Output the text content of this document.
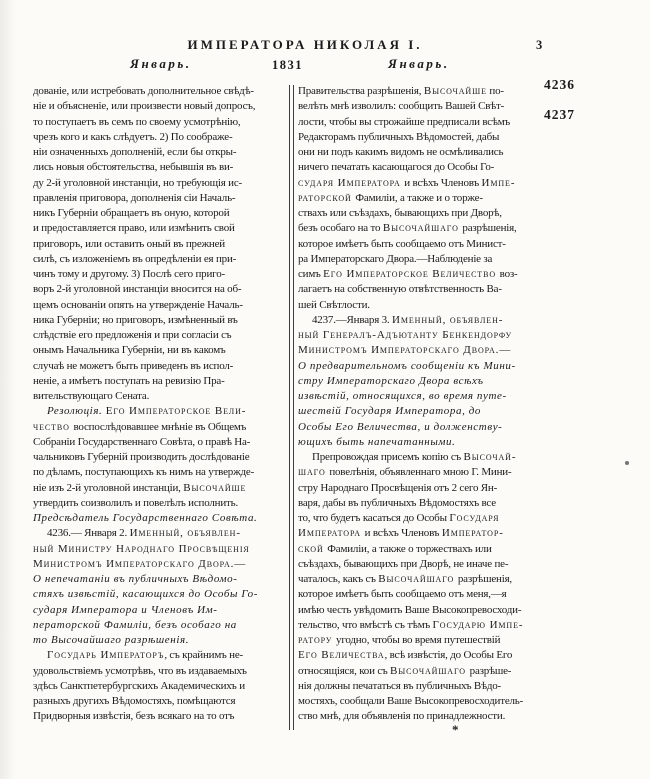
ИМПЕРАТОРА НИКОЛАЯ I.	3
Январь.	1831	Январь.
4236
4237
дованіе, или истребовать дополнительное свѣдѣ-
ніе и объясненіе, или произвести новый допросъ,
то поступаетъ въ семъ по своему усмотрѣнію,
чрезъ кого и какъ слѣдуетъ. 2) По соображе-
ніи означенныхъ дополненій, если бы откры-
лись новыя обстоятельства, небывшія въ ви-
ду 2-й уголовной инстанціи, но требующія ис-
правленія приговора, дополненія сіи Началь-
никъ Губерніи обращаетъ въ оную, которой
и предоставляется право, или измѣнить свой
приговоръ, или оставить оный въ прежней
силѣ, съ изложеніемъ въ опредѣленіи ея при-
чинъ тому и другому. 3) Послѣ сего приго-
воръ 2-й уголовной инстанціи вносится на об-
щемъ основаніи опять на утвержденіе Началь-
ника Губерніи; но приговоръ, измѣненный въ
слѣдствіе его предложенія и при согласіи съ
онымъ Начальника Губерніи, ни въ какомъ
случаѣ не можетъ быть приведенъ въ испол-
неніе, а имѣетъ поступать на ревизію Пра-
вительствующаго Сената.
Резолюція. Его Императорское Вели-
чество воспослѣдовавшее мнѣніе въ Общемъ
Собраніи Государственнаго Совѣта, о правѣ На-
чальниковъ Губерній производить дослѣдованіе
по дѣламъ, поступающихъ къ нимъ на утвержде-
ніе изъ 2-й уголовной инстанціи, Высочайше
утвердить соизволилъ и повелѣлъ исполнить.
Предсѣдатель Государственнаго Совѣта.
4236.— Января 2. Именный, объявлен-
ный Министру Народнаго Просвѣщенія
Министромъ Императорскаго Двора.—
О непечатаніи въ публичныхъ Вѣдомо-
стяхъ извѣстій, касающихся до Особы Го-
сударя Императора и Членовъ Им-
ператорской Фамиліи, безъ особаго на
то Высочайшаго разрѣшенія.
Государь Императоръ, съ крайнимъ не-
удовольствіемъ усмотрѣвъ, что въ издаваемыхъ
здѣсь Санктпетербургскихъ Академическихъ и
разныхъ другихъ Вѣдомостяхъ, помѣщаются
Придворныя извѣстія, безъ всякаго на то отъ
Правительства разрѣшенія, Высочайше по-
велѣть мнѣ изволилъ: сообщить Вашей Свѣт-
лости, чтобы вы строжайше предписали всѣмъ
Редакторамъ публичныхъ Вѣдомостей, дабы
они ни подъ какимъ видомъ не осмѣливались
ничего печатать касающагося до Особы Го-
сударя Императора и всѣхъ Членовъ Импе-
раторской Фамиліи, а также и о торже-
ствахъ или съѣздахъ, бывающихъ при Дворѣ,
безъ особаго на то Высочайшаго разрѣшенія,
которое имѣетъ быть сообщаемо отъ Минист-
ра Императорскаго Двора.—Наблюденіе за
симъ Его Императорское Величество воз-
лагаетъ на собственную отвѣтственность Ва-
шей Свѣтлости.
4237.—Января 3. Именный, объявлен-
ный Генералъ-Адъютанту Бенкендорфу
Министромъ Императорскаго Двора.—
О предварительномъ сообщеніи къ Мини-
стру Императорскаго Двора всѣхъ
извѣстій, относящихся, во время путе-
шествій Государя Императора, до
Особы Его Величества, и долженству-
ющихъ быть напечатанными.
Препровождая присемъ копію съ Высочай-
шаго повелѣнія, объявленнаго мною Г. Мини-
стру Народнаго Просвѣщенія отъ 2 сего Ян-
варя, дабы въ публичныхъ Вѣдомостяхъ все
то, что будетъ касаться до Особы Государя
Императора и всѣхъ Членовъ Император-
ской Фамиліи, а также о торжествахъ или
съѣздахъ, бывающихъ при Дворѣ, не иначе пе-
чаталось, какъ съ Высочайшаго разрѣшенія,
которое имѣетъ быть сообщаемо отъ меня,—я
имѣю честь увѣдомить Ваше Высокопревосходи-
тельство, что вмѣстѣ съ тѣмъ Государю Импе-
ратору угодно, чтобы во время путешествій
Его Величества, всѣ извѣстія, до Особы Его
относящіяся, кои съ Высочайшаго разрѣше-
нія должны печататься въ публичныхъ Вѣдо-
мостяхъ, сообщали Ваше Высокопревосходитель-
ство мнѣ, для объявленія по принадлежности.
*
